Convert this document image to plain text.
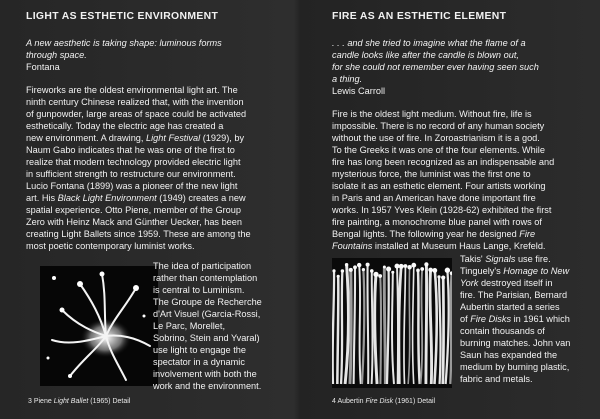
LIGHT AS ESTHETIC ENVIRONMENT
A new aesthetic is taking shape: luminous forms
through space.
Fontana
Fireworks are the oldest environmental light art. The
ninth century Chinese realized that, with the invention
of gunpowder, large areas of space could be activated
esthetically. Today the electric age has created a
new environment. A drawing, Light Festival (1929), by
Naum Gabo indicates that he was one of the first to
realize that modern technology provided electric light
in sufficient strength to restructure our environment.
Lucio Fontana (1899) was a pioneer of the new light
art. His Black Light Environment (1949) creates a new
spatial experience. Otto Piene, member of the Group
Zero with Heinz Mack and Günther Uecker, has been
creating Light Ballets since 1959. These are among the
most poetic contemporary luminist works.
The idea of participation
rather than contemplation
is central to Luminism.
The Groupe de Recherche
d'Art Visuel (Garcia-Rossi,
Le Parc, Morellet,
Sobrino, Stein and Yvaral)
use light to engage the
spectator in a dynamic
involvement with both the
work and the environment.
3 Piene Light Ballet (1965) Detail
FIRE AS AN ESTHETIC ELEMENT
. . . and she tried to imagine what the flame of a
candle looks like after the candle is blown out,
for she could not remember ever having seen such
a thing.
Lewis Carroll
Fire is the oldest light medium. Without fire, life is
impossible. There is no record of any human society
without the use of fire. In Zoroastrianism it is a god.
To the Greeks it was one of the four elements. While
fire has long been recognized as an indispensable and
mysterious force, the luminist was the first one to
isolate it as an esthetic element. Four artists working
in Paris and an American have done important fire
works. In 1957 Yves Klein (1928-62) exhibited the first
fire painting, a monochrome blue panel with rows of
Bengal lights. The following year he designed Fire
Fountains installed at Museum Haus Lange, Krefeld.
Takis' Signals use fire.
Tinguely's Homage to New
York destroyed itself in
fire. The Parisian, Bernard
Aubertin started a series
of Fire Disks in 1961 which
contain thousands of
burning matches. John van
Saun has expanded the
medium by burning plastic,
fabric and metals.
4 Aubertin Fire Disk (1961) Detail
